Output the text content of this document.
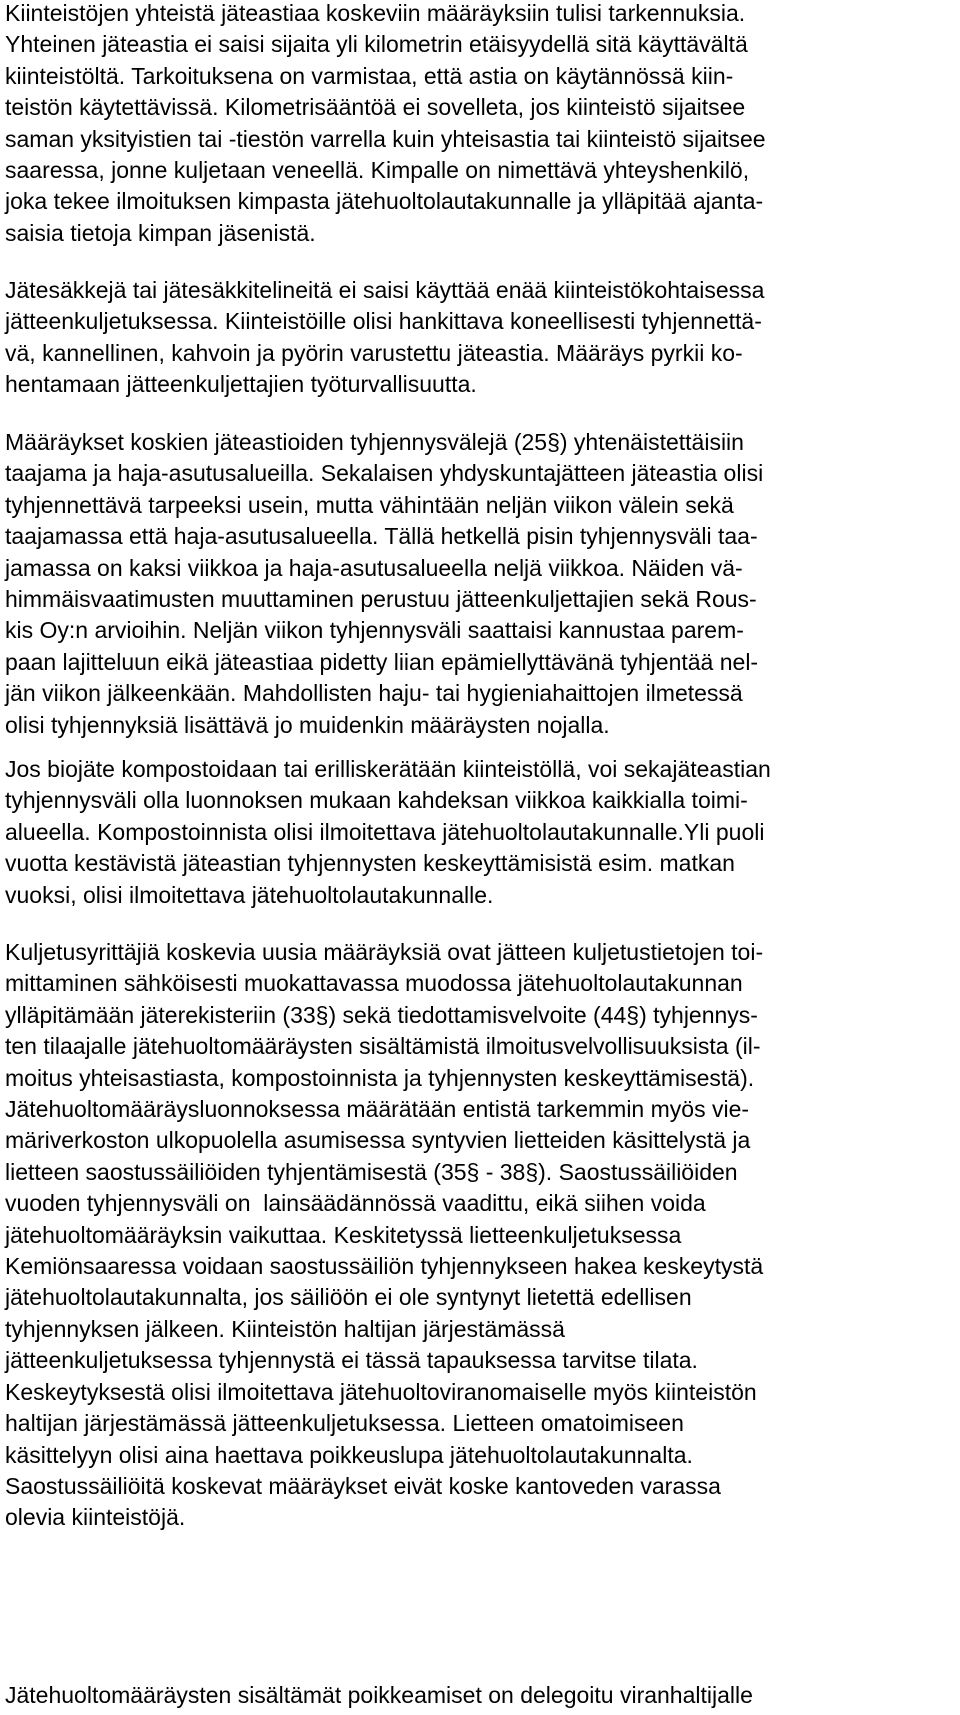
Kiinteistöjen yhteistä jäteastiaa koskeviin määräyksiin tulisi tarkennuksia.
Yhteinen jäteastia ei saisi sijaita yli kilometrin etäisyydellä sitä käyttävältä
kiinteistöltä. Tarkoituksena on varmistaa, että astia on käytännössä kiin-
teistön käytettävissä. Kilometrisääntöä ei sovelleta, jos kiinteistö sijaitsee
saman yksityistien tai -tiestön varrella kuin yhteisastia tai kiinteistö sijaitsee
saaressa, jonne kuljetaan veneellä. Kimpalle on nimettävä yhteyshenkilö,
joka tekee ilmoituksen kimpasta jätehuoltolautakunnalle ja ylläpitää ajanta-
saisia tietoja kimpan jäsenistä.

Jätesäkkejä tai jätesäkkitelineitä ei saisi käyttää enää kiinteistökohtaisessa
jätteenkuljetuksessa. Kiinteistöille olisi hankittava koneellisesti tyhjennettä-
vä, kannellinen, kahvoin ja pyörin varustettu jäteastia. Määräys pyrkii ko-
hentamaan jätteenkuljettajien työturvallisuutta.

Määräykset koskien jäteastioiden tyhjennysvälejä (25§) yhtenäistettäisiin
taajama ja haja-asutusalueilla. Sekalaisen yhdyskuntajätteen jäteastia olisi
tyhjennettävä tarpeeksi usein, mutta vähintään neljän viikon välein sekä
taajamassa että haja-asutusalueella. Tällä hetkellä pisin tyhjennysväli taa-
jamassa on kaksi viikkoa ja haja-asutusalueella neljä viikkoa. Näiden vä-
himmäisvaatimusten muuttaminen perustuu jätteenkuljettajien sekä Rous-
kis Oy:n arvioihin. Neljän viikon tyhjennysväli saattaisi kannustaa parem-
paan lajitteluun eikä jäteastiaa pidetty liian epämiellyttävänä tyhjentää nel-
jän viikon jälkeenkään. Mahdollisten haju- tai hygieniahaittojen ilmetessä
olisi tyhjennyksiä lisättävä jo muidenkin määräysten nojalla.

Jos biojäte kompostoidaan tai erilliskerätään kiinteistöllä, voi sekajäteastian
tyhjennysväli olla luonnoksen mukaan kahdeksan viikkoa kaikkialla toimi-
alueella. Kompostoinnista olisi ilmoitettava jätehuoltolautakunnalle.Yli puoli
vuotta kestävistä jäteastian tyhjennysten keskeyttämisistä esim. matkan
vuoksi, olisi ilmoitettava jätehuoltolautakunnalle.

Kuljetusyrittäjiä koskevia uusia määräyksiä ovat jätteen kuljetustietojen toi-
mittaminen sähköisesti muokattavassa muodossa jätehuoltolautakunnan
ylläpitämään jäterekisteriin (33§) sekä tiedottamisvelvoite (44§) tyhjennys-
ten tilaajalle jätehuoltomääräysten sisältämistä ilmoitusvelvollisuuksista (il-
moitus yhteisastiasta, kompostoinnista ja tyhjennysten keskeyttämisestä).
Jätehuoltomääräysluonnoksessa määrätään entistä tarkemmin myös vie-
märiverkoston ulkopuolella asumisessa syntyvien lietteiden käsittelystä ja
lietteen saostussäiliöiden tyhjentämisestä (35§ - 38§). Saostussäiliöiden
vuoden tyhjennysväli on  lainsäädännössä vaadittu, eikä siihen voida
jätehuoltomääräyksin vaikuttaa. Keskitetyssä lietteenkuljetuksessa
Kemiönsaaressa voidaan saostussäiliön tyhjennykseen hakea keskeytystä
jätehuoltolautakunnalta, jos säiliöön ei ole syntynyt lietettä edellisen
tyhjennyksen jälkeen. Kiinteistön haltijan järjestämässä
jätteenkuljetuksessa tyhjennystä ei tässä tapauksessa tarvitse tilata.
Keskeytyksestä olisi ilmoitettava jätehuoltoviranomaiselle myös kiinteistön
haltijan järjestämässä jätteenkuljetuksessa. Lietteen omatoimiseen
käsittelyyn olisi aina haettava poikkeuslupa jätehuoltolautakunnalta.
Saostussäiliöitä koskevat määräykset eivät koske kantoveden varassa
olevia kiinteistöjä.

Jätehuoltomääräysten sisältämät poikkeamiset on delegoitu viranhaltijalle
